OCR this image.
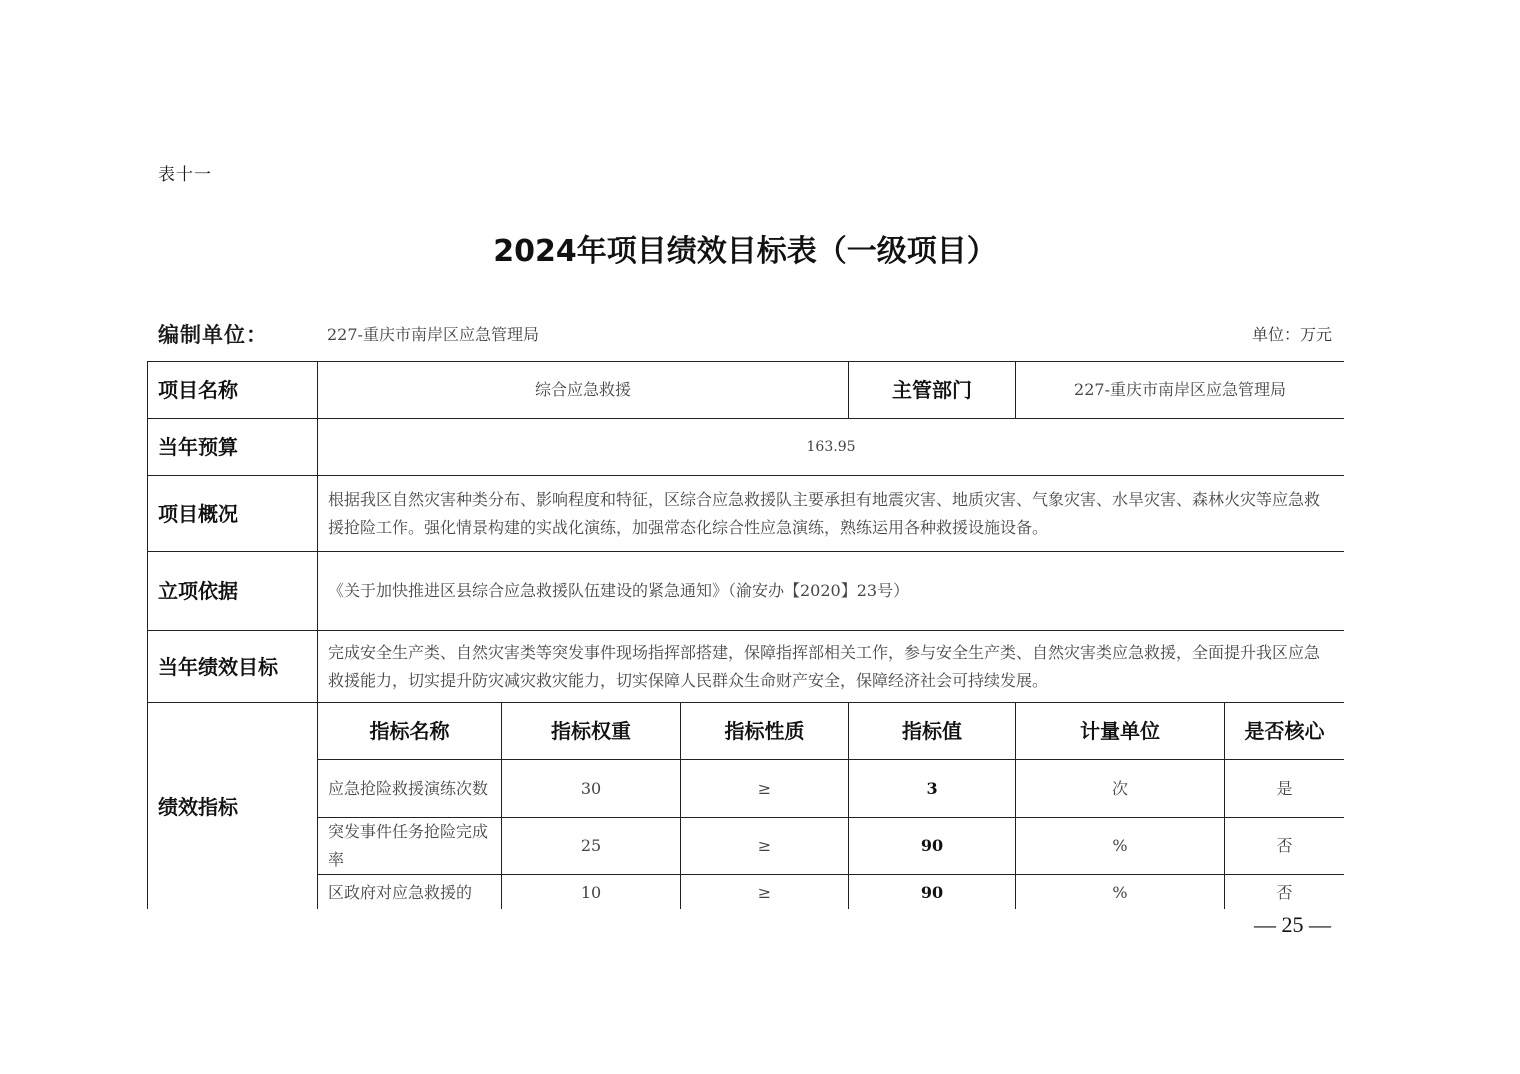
表十一
2024年项目绩效目标表（一级项目）
编制单位：	227-重庆市南岸区应急管理局	单位：万元
项目名称	综合应急救援			主管部门	227-重庆市南岸区应急管理局	
当年预算	163.95					
项目概况	根据我区自然灾害种类分布、影响程度和特征，区综合应急救援队主要承担有地震灾害、地质灾害、气象灾害、水旱灾害、森林火灾等应急救援抢险工作。强化情景构建的实战化演练，加强常态化综合性应急演练，熟练运用各种救援设施设备。					
立项依据	《关于加快推进区县综合应急救援队伍建设的紧急通知》（渝安办【2020】23号）					
当年绩效目标	完成安全生产类、自然灾害类等突发事件现场指挥部搭建，保障指挥部相关工作，参与安全生产类、自然灾害类应急救援，全面提升我区应急救援能力，切实提升防灾减灾救灾能力，切实保障人民群众生命财产安全，保障经济社会可持续发展。					
绩效指标	指标名称	指标权重	指标性质	指标值	计量单位	是否核心
	应急抢险救援演练次数	30	≥	3	次	是
	突发事件任务抢险完成率	25	≥	90	%	否
	区政府对应急救援的	10	≥	90	%	否
— 25 —
